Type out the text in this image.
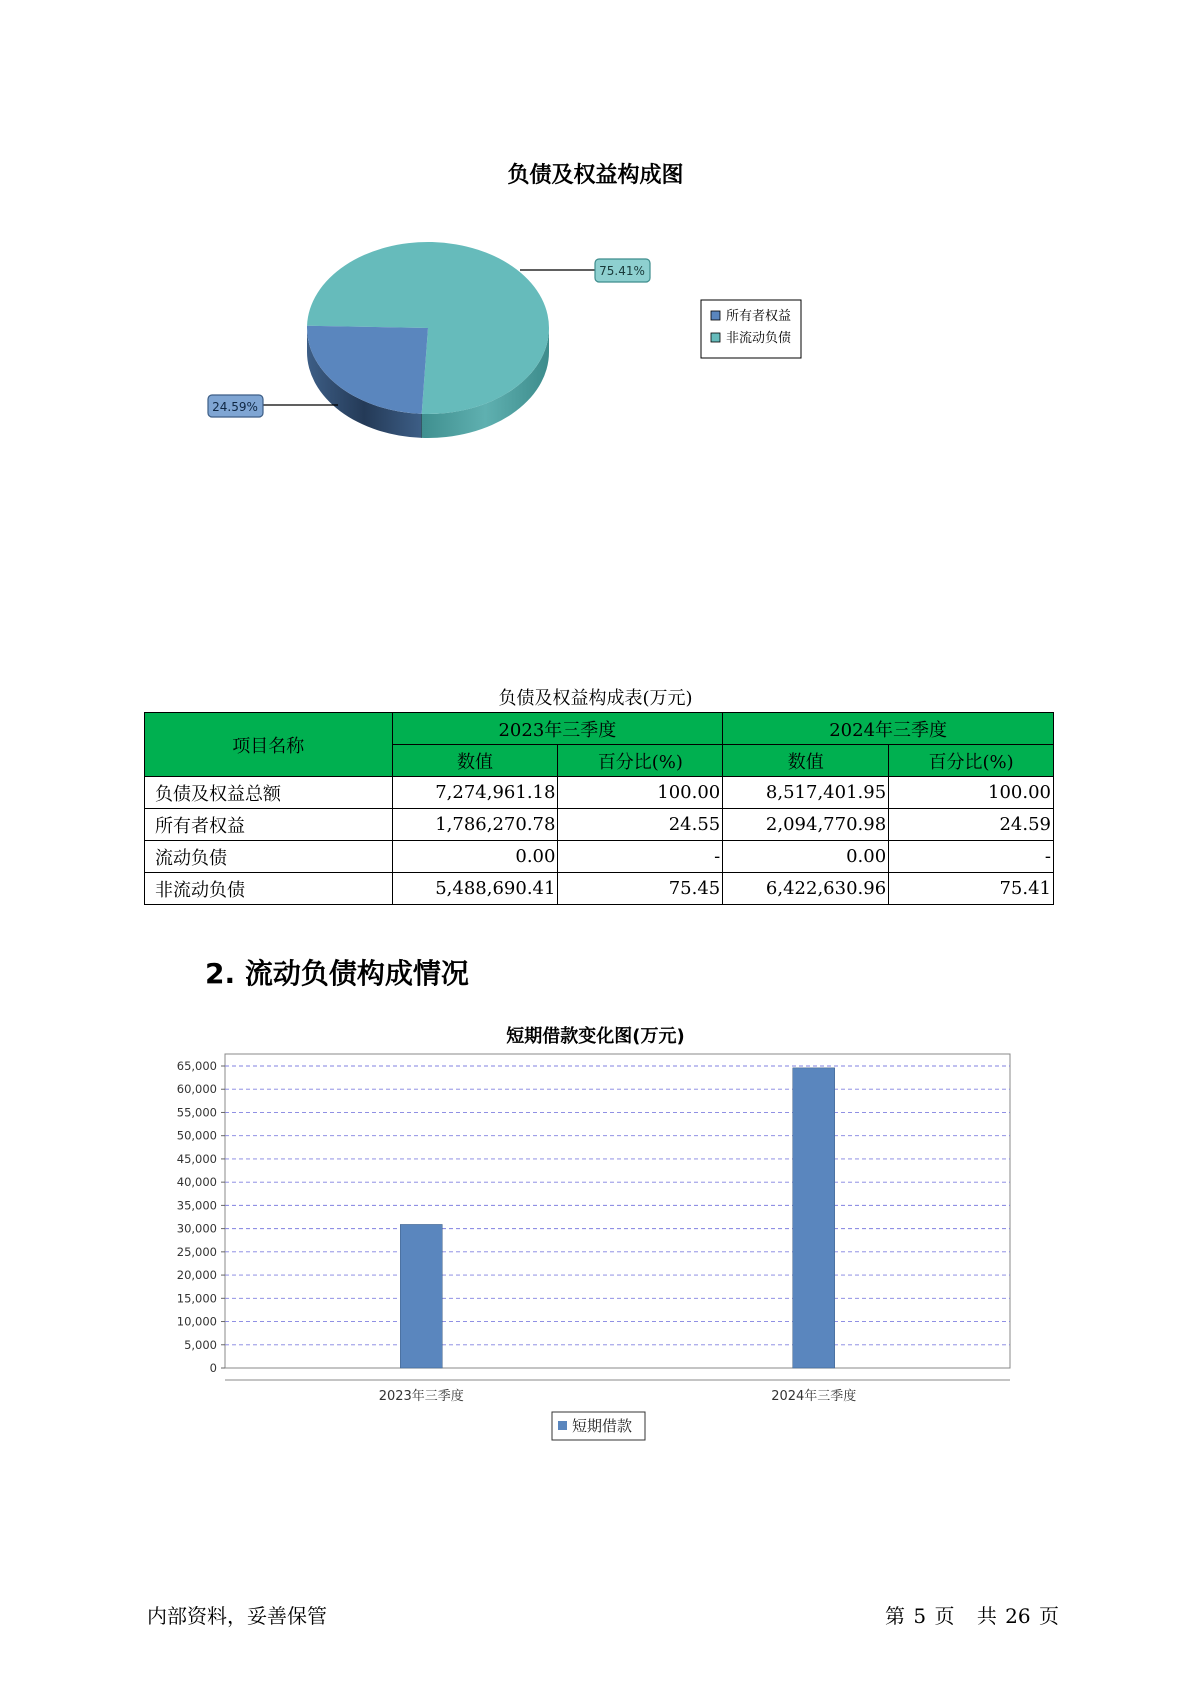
负债及权益构成图
75.41%
24.59%
所有者权益
非流动负债
负债及权益构成表(万元)
项目名称	2023年三季度		2024年三季度	
	数值	百分比(%)	数值	百分比(%)
负债及权益总额	7,274,961.18	100.00	8,517,401.95	100.00
所有者权益	1,786,270.78	24.55	2,094,770.98	24.59
流动负债	0.00	-	0.00	-
非流动负债	5,488,690.41	75.45	6,422,630.96	75.41
2. 流动负债构成情况
短期借款变化图(万元)
0
5,000
10,000
15,000
20,000
25,000
30,000
35,000
40,000
45,000
50,000
55,000
60,000
65,000
2023年三季度	2024年三季度
短期借款
内部资料，妥善保管	第 5 页 共 26 页
